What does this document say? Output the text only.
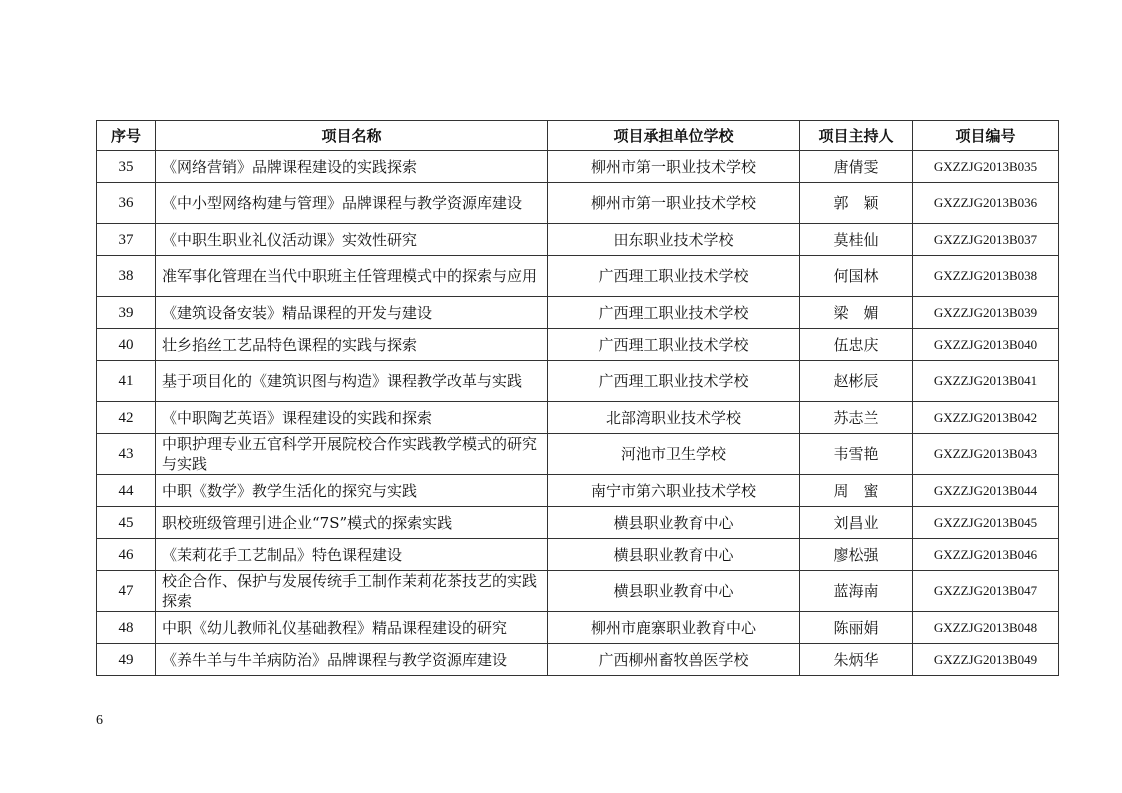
序号	项目名称	项目承担单位学校	项目主持人	项目编号
35	《网络营销》品牌课程建设的实践探索	柳州市第一职业技术学校	唐倩雯	GXZZJG2013B035
36	《中小型网络构建与管理》品牌课程与教学资源库建设	柳州市第一职业技术学校	郭　颖	GXZZJG2013B036
37	《中职生职业礼仪活动课》实效性研究	田东职业技术学校	莫桂仙	GXZZJG2013B037
38	准军事化管理在当代中职班主任管理模式中的探索与应用	广西理工职业技术学校	何国林	GXZZJG2013B038
39	《建筑设备安装》精品课程的开发与建设	广西理工职业技术学校	梁　媚	GXZZJG2013B039
40	壮乡掐丝工艺品特色课程的实践与探索	广西理工职业技术学校	伍忠庆	GXZZJG2013B040
41	基于项目化的《建筑识图与构造》课程教学改革与实践	广西理工职业技术学校	赵彬辰	GXZZJG2013B041
42	《中职陶艺英语》课程建设的实践和探索	北部湾职业技术学校	苏志兰	GXZZJG2013B042
43	中职护理专业五官科学开展院校合作实践教学模式的研究与实践	河池市卫生学校	韦雪艳	GXZZJG2013B043
44	中职《数学》教学生活化的探究与实践	南宁市第六职业技术学校	周　蜜	GXZZJG2013B044
45	职校班级管理引进企业“7S”模式的探索实践	横县职业教育中心	刘昌业	GXZZJG2013B045
46	《茉莉花手工艺制品》特色课程建设	横县职业教育中心	廖松强	GXZZJG2013B046
47	校企合作、保护与发展传统手工制作茉莉花茶技艺的实践探索	横县职业教育中心	蓝海南	GXZZJG2013B047
48	中职《幼儿教师礼仪基础教程》精品课程建设的研究	柳州市鹿寨职业教育中心	陈丽娟	GXZZJG2013B048
49	《养牛羊与牛羊病防治》品牌课程与教学资源库建设	广西柳州畜牧兽医学校	朱炳华	GXZZJG2013B049
6
